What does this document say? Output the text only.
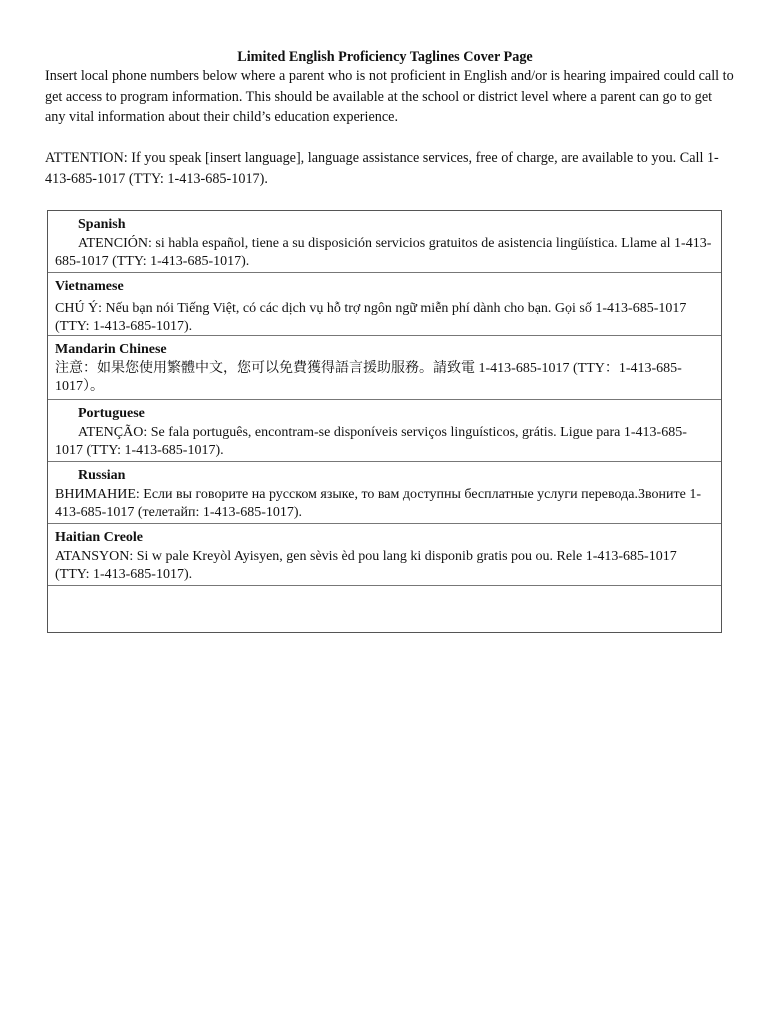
Limited English Proficiency Taglines Cover Page

Insert local phone numbers below where a parent who is not proficient in English and/or is hearing impaired could call to get access to program information. This should be available at the school or district level where a parent can go to get any vital information about their child’s education experience.

ATTENTION: If you speak [insert language], language assistance services, free of charge, are available to you. Call 1-413-685-1017 (TTY: 1-413-685-1017).

Spanish
ATENCIÓN: si habla español, tiene a su disposición servicios gratuitos de asistencia lingüística. Llame al 1-413-685-1017 (TTY: 1-413-685-1017).
Vietnamese
CHÚ Ý: Nếu bạn nói Tiếng Việt, có các dịch vụ hỗ trợ ngôn ngữ miễn phí dành cho bạn. Gọi số 1-413-685-1017 (TTY: 1-413-685-1017).
Mandarin Chinese
注意：如果您使用繁體中文，您可以免費獲得語言援助服務。請致電 1-413-685-1017 (TTY：1-413-685-1017）。
Portuguese
ATENÇÃO: Se fala português, encontram-se disponíveis serviços linguísticos, grátis. Ligue para 1-413-685-1017 (TTY: 1-413-685-1017).
Russian
ВНИМАНИЕ: Если вы говорите на русском языке, то вам доступны бесплатные услуги перевода.Звоните 1-413-685-1017 (телетайп: 1-413-685-1017).
Haitian Creole
ATANSYON: Si w pale Kreyòl Ayisyen, gen sèvis èd pou lang ki disponib gratis pou ou. Rele 1-413-685-1017 (TTY: 1-413-685-1017).
